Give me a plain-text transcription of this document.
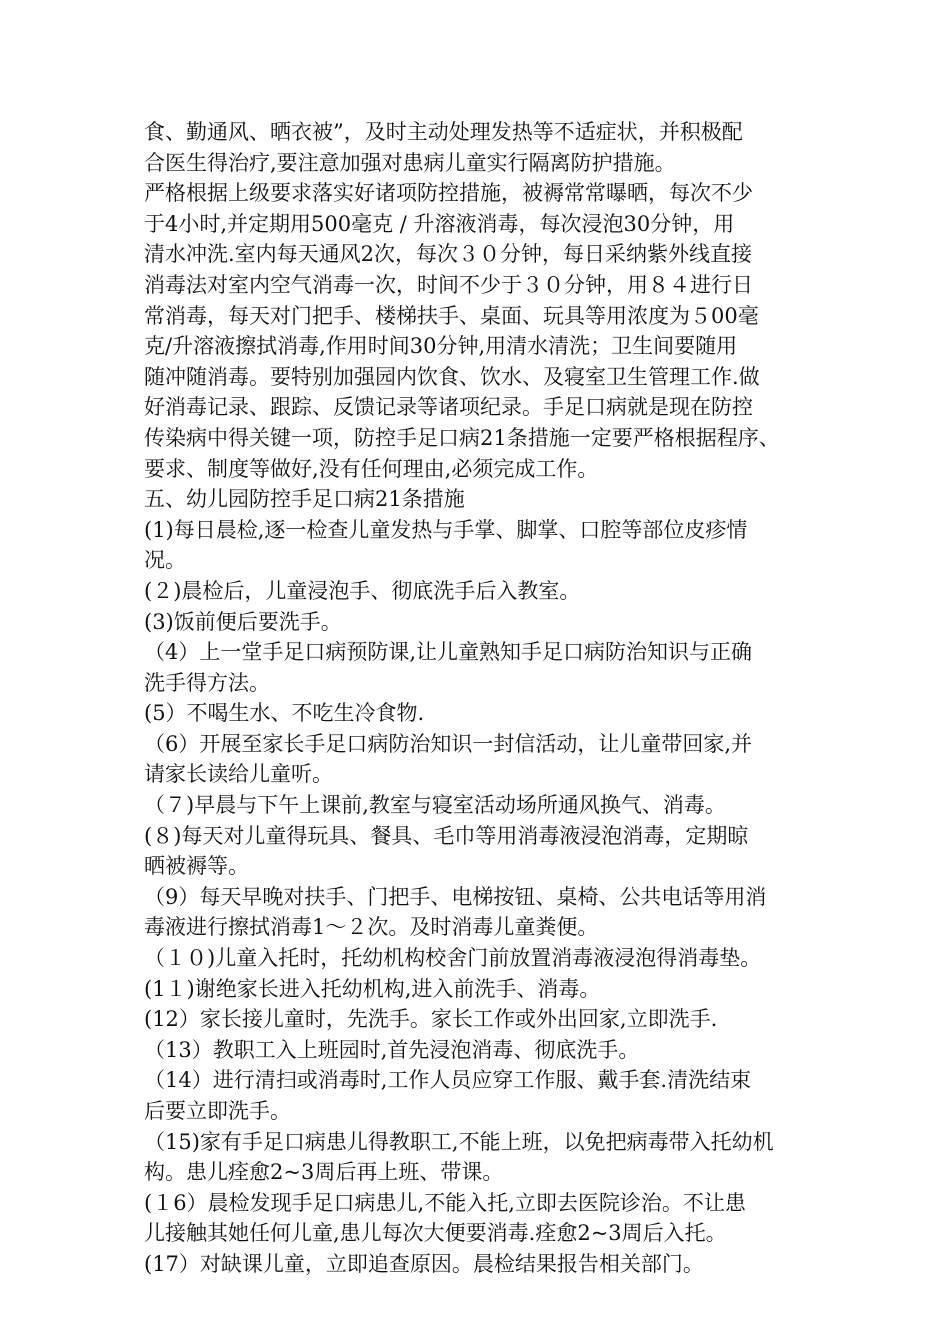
食、勤通风、晒衣被”，及时主动处理发热等不适症状，并积极配
合医生得治疗,要注意加强对患病儿童实行隔离防护措施。
严格根据上级要求落实好诸项防控措施，被褥常常曝晒，每次不少
于4小时,并定期用500毫克 / 升溶液消毒，每次浸泡30分钟，用
清水冲洗.室内每天通风2次，每次３０分钟，每日采纳紫外线直接
消毒法对室内空气消毒一次，时间不少于３０分钟，用８４进行日
常消毒，每天对门把手、楼梯扶手、桌面、玩具等用浓度为５00毫
克/升溶液擦拭消毒,作用时间30分钟,用清水清洗；卫生间要随用
随冲随消毒。要特别加强园内饮食、饮水、及寝室卫生管理工作.做
好消毒记录、跟踪、反馈记录等诸项纪录。手足口病就是现在防控
传染病中得关键一项，防控手足口病21条措施一定要严格根据程序、
要求、制度等做好,没有任何理由,必须完成工作。
五、幼儿园防控手足口病21条措施
(1)每日晨检,逐一检查儿童发热与手掌、脚掌、口腔等部位皮疹情
况。
(２)晨检后，儿童浸泡手、彻底洗手后入教室。
(3)饭前便后要洗手。
（4）上一堂手足口病预防课,让儿童熟知手足口病防治知识与正确
洗手得方法。
(5）不喝生水、不吃生冷食物.
（6）开展至家长手足口病防治知识一封信活动，让儿童带回家,并
请家长读给儿童听。
（７)早晨与下午上课前,教室与寝室活动场所通风换气、消毒。
(８)每天对儿童得玩具、餐具、毛巾等用消毒液浸泡消毒，定期晾
晒被褥等。
（9）每天早晚对扶手、门把手、电梯按钮、桌椅、公共电话等用消
毒液进行擦拭消毒1～２次。及时消毒儿童粪便。
（１０)儿童入托时，托幼机构校舍门前放置消毒液浸泡得消毒垫。
(1１)谢绝家长进入托幼机构,进入前洗手、消毒。
(12）家长接儿童时，先洗手。家长工作或外出回家,立即洗手.
（13）教职工入上班园时,首先浸泡消毒、彻底洗手。
（14）进行清扫或消毒时,工作人员应穿工作服、戴手套.清洗结束
后要立即洗手。
（15)家有手足口病患儿得教职工,不能上班，以免把病毒带入托幼机
构。患儿痊愈2~3周后再上班、带课。
(１6）晨检发现手足口病患儿,不能入托,立即去医院诊治。不让患
儿接触其她任何儿童,患儿每次大便要消毒.痊愈2~3周后入托。
(17）对缺课儿童，立即追查原因。晨检结果报告相关部门。
